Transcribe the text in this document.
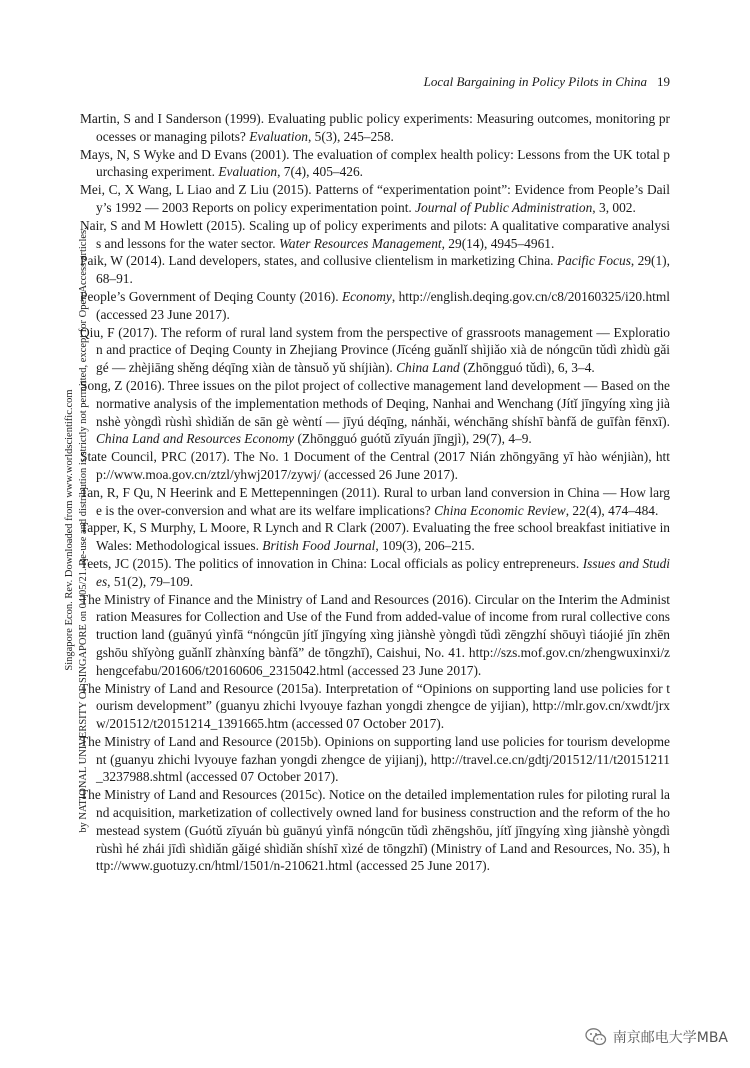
Local Bargaining in Policy Pilots in China 19
Singapore Econ. Rev. Downloaded from www.worldscientific.com by NATIONAL UNIVERSITY OF SINGAPORE on 04/05/21. Re-use and distribution is strictly not permitted, except for Open Access articles.

Martin, S and I Sanderson (1999). Evaluating public policy experiments: Measuring outcomes, monitoring processes or managing pilots? Evaluation, 5(3), 245–258.

Mays, N, S Wyke and D Evans (2001). The evaluation of complex health policy: Lessons from the UK total purchasing experiment. Evaluation, 7(4), 405–426.

Mei, C, X Wang, L Liao and Z Liu (2015). Patterns of “experimentation point”: Evidence from People’s Daily’s 1992 — 2003 Reports on policy experimentation point. Journal of Public Administration, 3, 002.

Nair, S and M Howlett (2015). Scaling up of policy experiments and pilots: A qualitative comparative analysis and lessons for the water sector. Water Resources Management, 29(14), 4945–4961.

Paik, W (2014). Land developers, states, and collusive clientelism in marketizing China. Pacific Focus, 29(1), 68–91.

People’s Government of Deqing County (2016). Economy, http://english.deqing.gov.cn/c8/20160325/i20.html (accessed 23 June 2017).

Qiu, F (2017). The reform of rural land system from the perspective of grassroots management — Exploration and practice of Deqing County in Zhejiang Province (Jīcéng guǎnlǐ shìjiǎo xià de nóngcūn tǔdì zhìdù gǎigé — zhèjiāng shěng déqīng xiàn de tànsuǒ yǔ shíjiàn). China Land (Zhōngguó tǔdì), 6, 3–4.

Song, Z (2016). Three issues on the pilot project of collective management land development — Based on the normative analysis of the implementation methods of Deqing, Nanhai and Wenchang (Jítǐ jīngyíng xìng jiànshè yòngdì rùshì shìdiǎn de sān gè wèntí — jīyú déqīng, nánhǎi, wénchāng shíshī bànfǎ de guīfàn fēnxī). China Land and Resources Economy (Zhōngguó guótǔ zīyuán jīngjì), 29(7), 4–9.

State Council, PRC (2017). The No. 1 Document of the Central (2017 Nián zhōngyāng yī hào wénjiàn), http://www.moa.gov.cn/ztzl/yhwj2017/zywj/ (accessed 26 June 2017).

Tan, R, F Qu, N Heerink and E Mettepenningen (2011). Rural to urban land conversion in China — How large is the over-conversion and what are its welfare implications? China Economic Review, 22(4), 474–484.

Tapper, K, S Murphy, L Moore, R Lynch and R Clark (2007). Evaluating the free school breakfast initiative in Wales: Methodological issues. British Food Journal, 109(3), 206–215.

Teets, JC (2015). The politics of innovation in China: Local officials as policy entrepreneurs. Issues and Studies, 51(2), 79–109.

The Ministry of Finance and the Ministry of Land and Resources (2016). Circular on the Interim the Administration Measures for Collection and Use of the Fund from added-value of income from rural collective construction land (guānyú yìnfā “nóngcūn jítǐ jīngyíng xìng jiànshè yòngdì tǔdì zēngzhí shōuyì tiáojié jīn zhēngshōu shǐyòng guǎnlǐ zhànxíng bànfǎ” de tōngzhī), Caishui, No. 41. http://szs.mof.gov.cn/zhengwuxinxi/zhengcefabu/201606/t20160606_2315042.html (accessed 23 June 2017).

The Ministry of Land and Resource (2015a). Interpretation of “Opinions on supporting land use policies for tourism development” (guanyu zhichi lvyouye fazhan yongdi zhengce de yijian), http://mlr.gov.cn/xwdt/jrxw/201512/t20151214_1391665.htm (accessed 07 October 2017).

The Ministry of Land and Resource (2015b). Opinions on supporting land use policies for tourism development (guanyu zhichi lvyouye fazhan yongdi zhengce de yijianj), http://travel.ce.cn/gdtj/201512/11/t20151211_3237988.shtml (accessed 07 October 2017).

The Ministry of Land and Resources (2015c). Notice on the detailed implementation rules for piloting rural land acquisition, marketization of collectively owned land for business construction and the reform of the homestead system (Guótǔ zīyuán bù guānyú yìnfā nóngcūn tǔdì zhēngshōu, jítǐ jīngyíng xìng jiànshè yòngdì rùshì hé zhái jīdì shìdiǎn gǎigé shìdiǎn shíshī xìzé de tōngzhī) (Ministry of Land and Resources, No. 35), http://www.guotuzy.cn/html/1501/n-210621.html (accessed 25 June 2017).

南京邮电大学MBA
